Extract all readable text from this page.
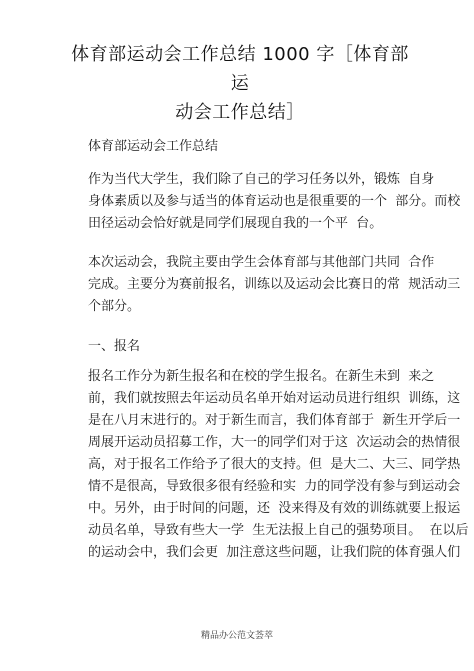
体育部运动会工作总结 1000 字［体育部运
动会工作总结］
体育部运动会工作总结
作为当代大学生，我们除了自己的学习任务以外，锻炼  自身
身体素质以及参与适当的体育运动也是很重要的一个  部分。而校
田径运动会恰好就是同学们展现自我的一个平  台。
本次运动会，我院主要由学生会体育部与其他部门共同  合作
完成。主要分为赛前报名，训练以及运动会比赛日的常  规活动三
个部分。
一、报名
报名工作分为新生报名和在校的学生报名。在新生未到  来之
前，我们就按照去年运动员名单开始对运动员进行组织  训练，这
是在八月末进行的。对于新生而言，我们体育部于  新生开学后一
周展开运动员招募工作，大一的同学们对于这  次运动会的热情很
高，对于报名工作给予了很大的支持。但  是大二、大三、同学热
情不是很高，导致很多很有经验和实  力的同学没有参与到运动会
中。另外，由于时间的问题，还  没来得及有效的训练就要上报运
动员名单，导致有些大一学  生无法报上自己的强势项目。  在以后
的运动会中，我们会更  加注意这些问题，让我们院的体育强人们
精品办公范文荟萃
